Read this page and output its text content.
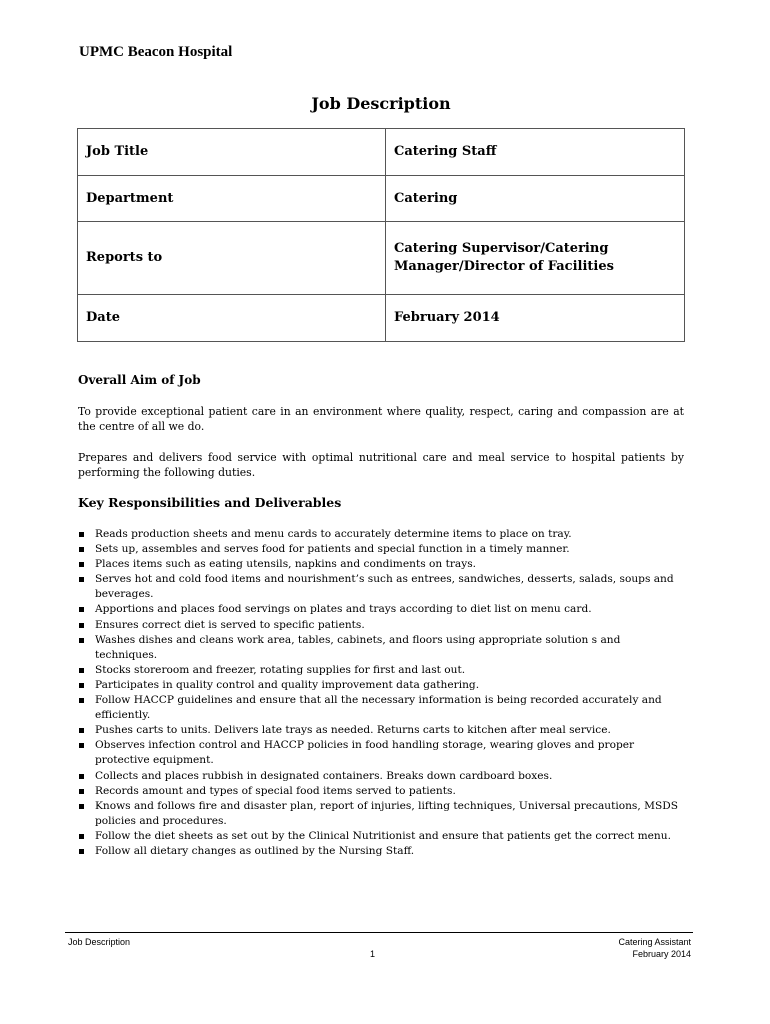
UPMC Beacon Hospital
Job Description
Job Title	Catering Staff
Department	Catering
Reports to	Catering Supervisor/Catering Manager/Director of Facilities
Date	February 2014
Overall Aim of Job
To provide exceptional patient care in an environment where quality, respect, caring and compassion are at the centre of all we do.
Prepares and delivers food service with optimal nutritional care and meal service to hospital patients by performing the following duties.
Key Responsibilities and Deliverables
Reads production sheets and menu cards to accurately determine items to place on tray.
Sets up, assembles and serves food for patients and special function in a timely manner.
Places items such as eating utensils, napkins and condiments on trays.
Serves hot and cold food items and nourishment’s such as entrees, sandwiches, desserts, salads, soups and beverages.
Apportions and places food servings on plates and trays according to diet list on menu card.
Ensures correct diet is served to specific patients.
Washes dishes and cleans work area, tables, cabinets, and floors using appropriate solution s and techniques.
Stocks storeroom and freezer, rotating supplies for first and last out.
Participates in quality control and quality improvement data gathering.
Follow HACCP guidelines and ensure that all the necessary information is being recorded accurately and efficiently.
Pushes carts to units. Delivers late trays as needed. Returns carts to kitchen after meal service.
Observes infection control and HACCP policies in food handling storage, wearing gloves and proper protective equipment.
Collects and places rubbish in designated containers. Breaks down cardboard boxes.
Records amount and types of special food items served to patients.
Knows and follows fire and disaster plan, report of injuries, lifting techniques, Universal precautions, MSDS policies and procedures.
Follow the diet sheets as set out by the Clinical Nutritionist and ensure that patients get the correct menu.
Follow all dietary changes as outlined by the Nursing Staff.
Job Description
1
Catering Assistant
February 2014
